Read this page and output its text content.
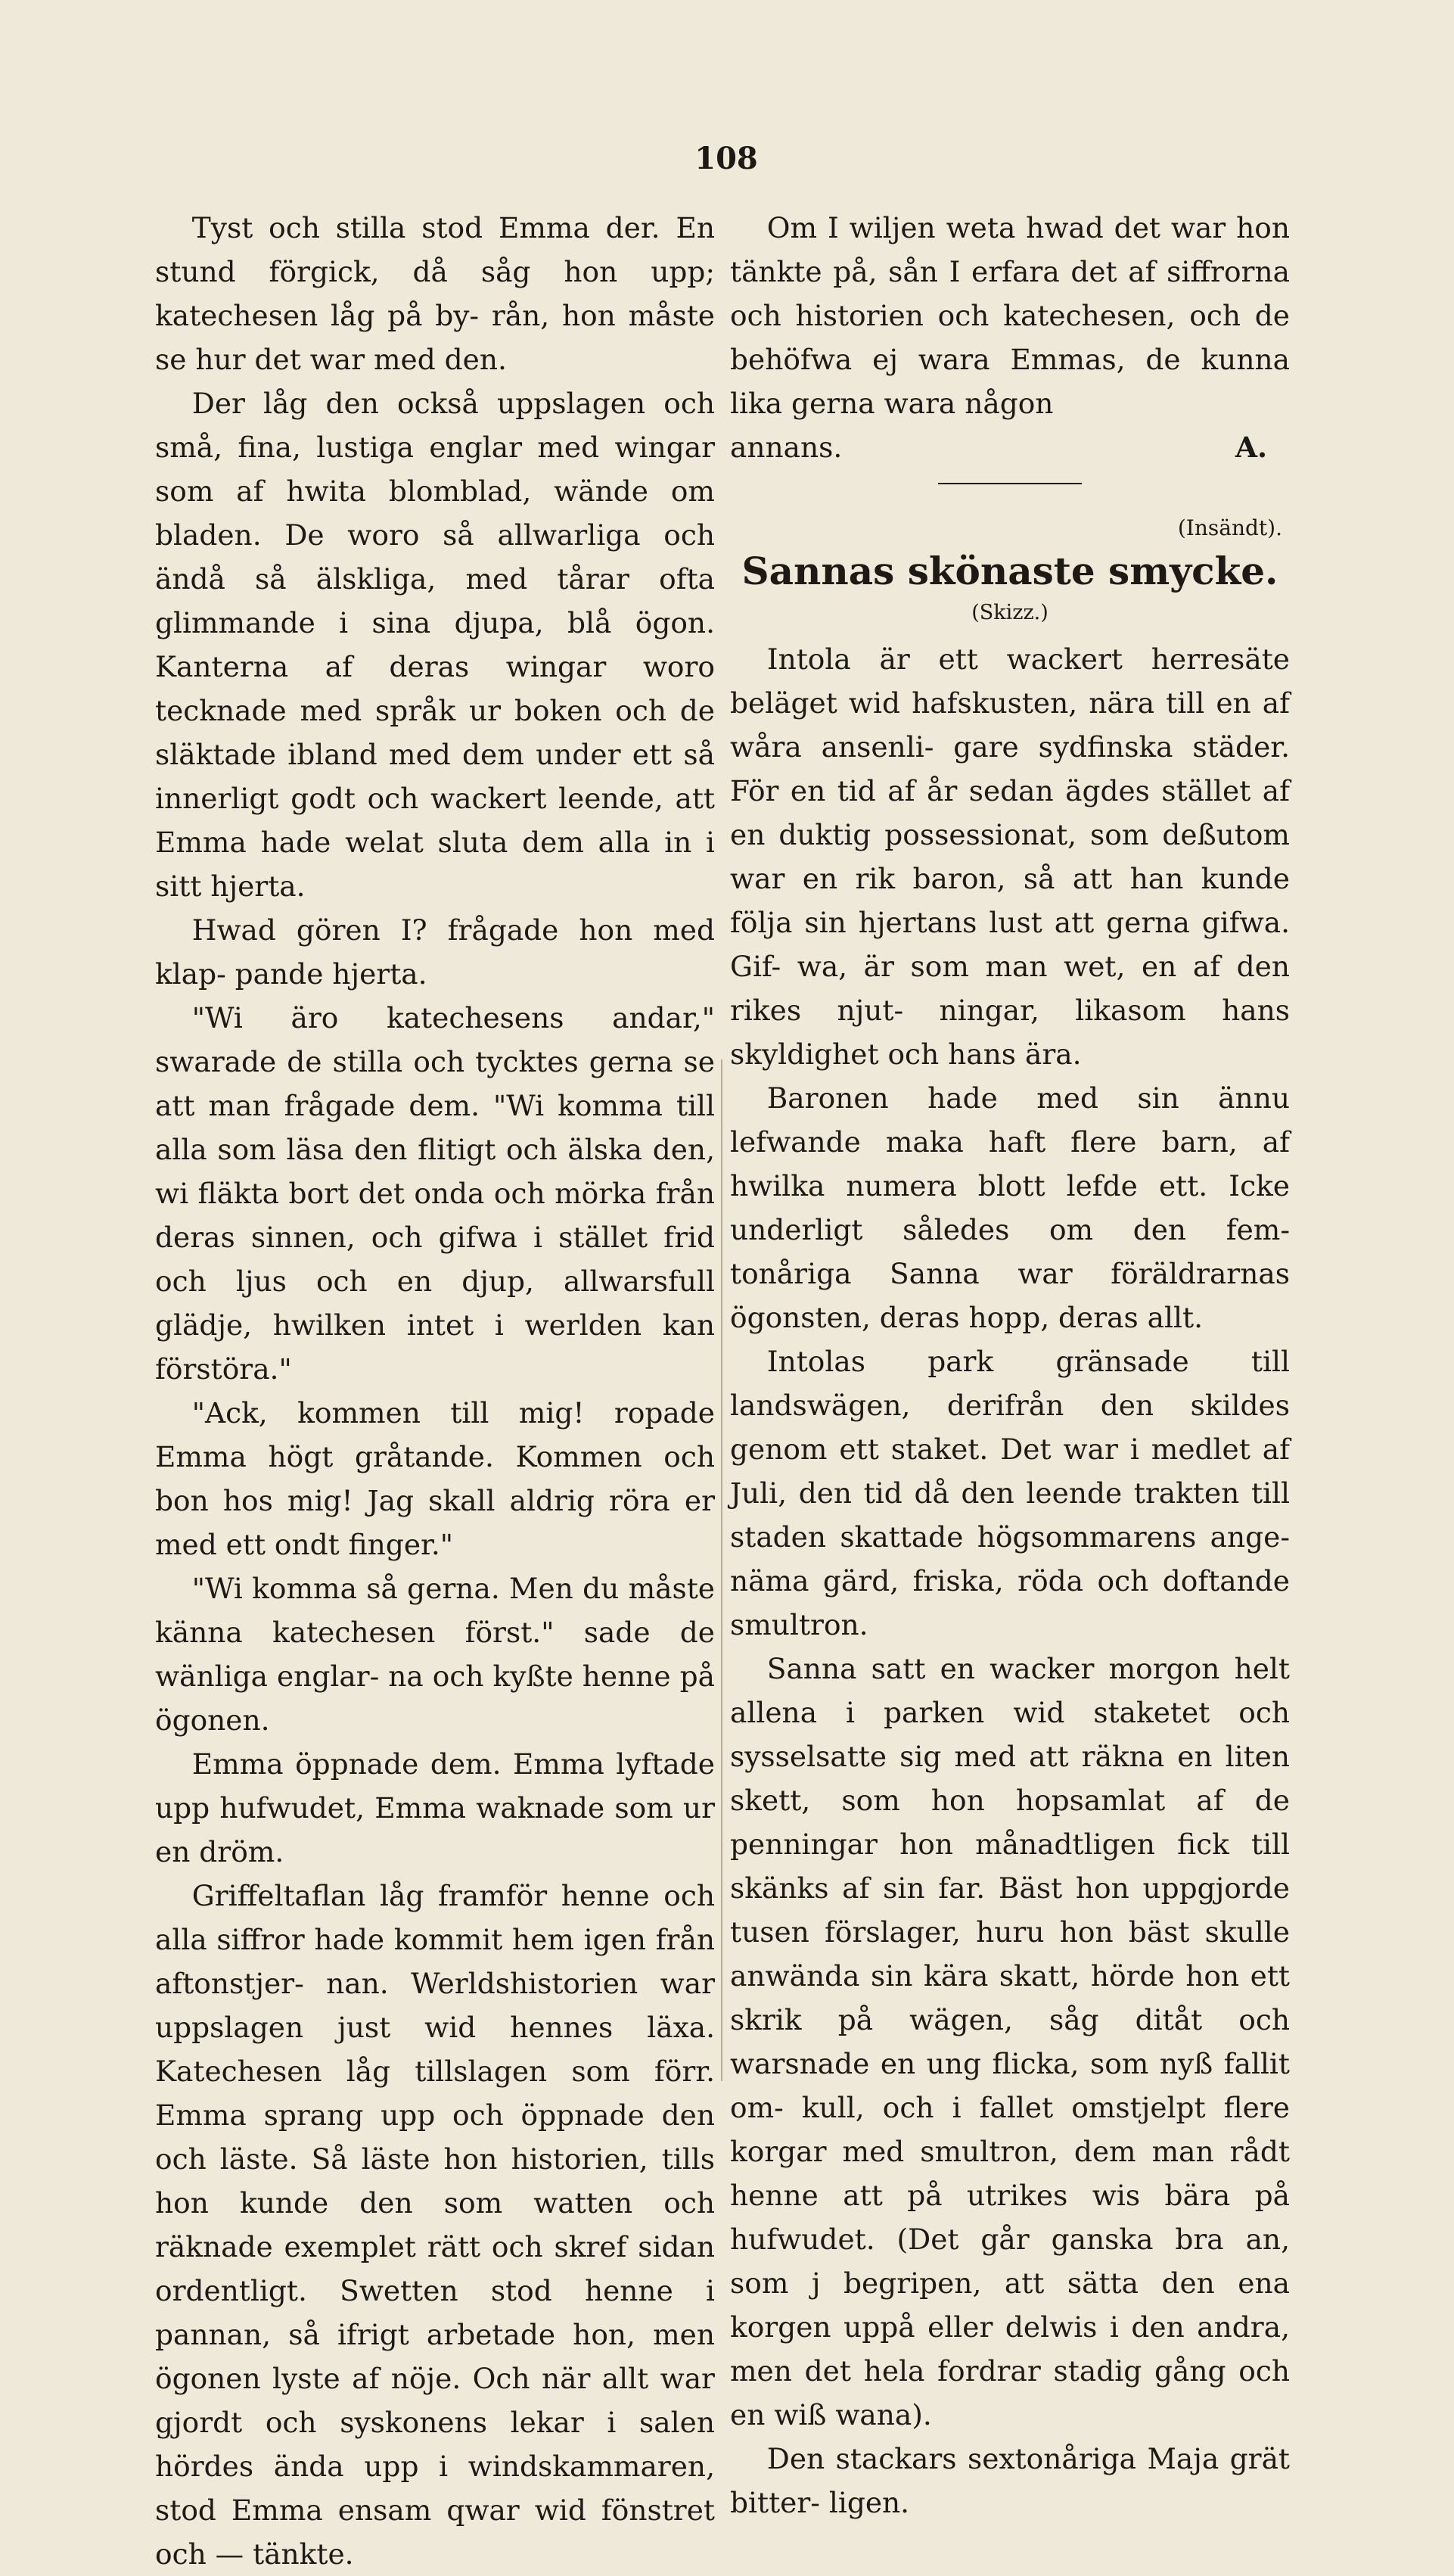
108

Tyst och stilla stod Emma der. En stund förgick, då såg hon upp; katechesen låg på by- rån, hon måste se hur det war med den.

Der låg den också uppslagen och små, fina, lustiga englar med wingar som af hwita blomblad, wände om bladen. De woro så allwarliga och ändå så älskliga, med tårar ofta glimmande i sina djupa, blå ögon. Kanterna af deras wingar woro tecknade med språk ur boken och de släktade ibland med dem under ett så innerligt godt och wackert leende, att Emma hade welat sluta dem alla in i sitt hjerta.

Hwad gören I? frågade hon med klap- pande hjerta.

"Wi äro katechesens andar," swarade de stilla och tycktes gerna se att man frågade dem. "Wi komma till alla som läsa den flitigt och älska den, wi fläkta bort det onda och mörka från deras sinnen, och gifwa i stället frid och ljus och en djup, allwarsfull glädje, hwilken intet i werlden kan förstöra."

"Ack, kommen till mig! ropade Emma högt gråtande. Kommen och bon hos mig! Jag skall aldrig röra er med ett ondt finger."

"Wi komma så gerna. Men du måste känna katechesen först." sade de wänliga englar- na och kyßte henne på ögonen.

Emma öppnade dem. Emma lyftade upp hufwudet, Emma waknade som ur en dröm.

Griffeltaflan låg framför henne och alla siffror hade kommit hem igen från aftonstjer- nan. Werldshistorien war uppslagen just wid hennes läxa. Katechesen låg tillslagen som förr. Emma sprang upp och öppnade den och läste. Så läste hon historien, tills hon kunde den som watten och räknade exemplet rätt och skref sidan ordentligt. Swetten stod henne i pannan, så ifrigt arbetade hon, men ögonen lyste af nöje. Och när allt war gjordt och syskonens lekar i salen hördes ända upp i windskammaren, stod Emma ensam qwar wid fönstret och — tänkte.

Om I wiljen weta hwad det war hon tänkte på, sån I erfara det af siffrorna och historien och katechesen, och de behöfwa ej wara Emmas, de kunna lika gerna wara någon

annans.	A.
(Insändt).
Sannas skönaste smycke.
(Skizz.)

Intola är ett wackert herresäte beläget wid hafskusten, nära till en af wåra ansenli- gare sydfinska städer. För en tid af år sedan ägdes stället af en duktig possessionat, som deßutom war en rik baron, så att han kunde följa sin hjertans lust att gerna gifwa. Gif- wa, är som man wet, en af den rikes njut- ningar, likasom hans skyldighet och hans ära.

Baronen hade med sin ännu lefwande maka haft flere barn, af hwilka numera blott lefde ett. Icke underligt således om den fem- tonåriga Sanna war föräldrarnas ögonsten, deras hopp, deras allt.

Intolas park gränsade till landswägen, derifrån den skildes genom ett staket. Det war i medlet af Juli, den tid då den leende trakten till staden skattade högsommarens ange- näma gärd, friska, röda och doftande smultron.

Sanna satt en wacker morgon helt allena i parken wid staketet och sysselsatte sig med att räkna en liten skett, som hon hopsamlat af de penningar hon månadtligen fick till skänks af sin far. Bäst hon uppgjorde tusen förslager, huru hon bäst skulle anwända sin kära skatt, hörde hon ett skrik på wägen, såg ditåt och warsnade en ung flicka, som nyß fallit om- kull, och i fallet omstjelpt flere korgar med smultron, dem man rådt henne att på utrikes wis bära på hufwudet. (Det går ganska bra an, som j begripen, att sätta den ena korgen uppå eller delwis i den andra, men det hela fordrar stadig gång och en wiß wana).

Den stackars sextonåriga Maja grät bitter- ligen.
